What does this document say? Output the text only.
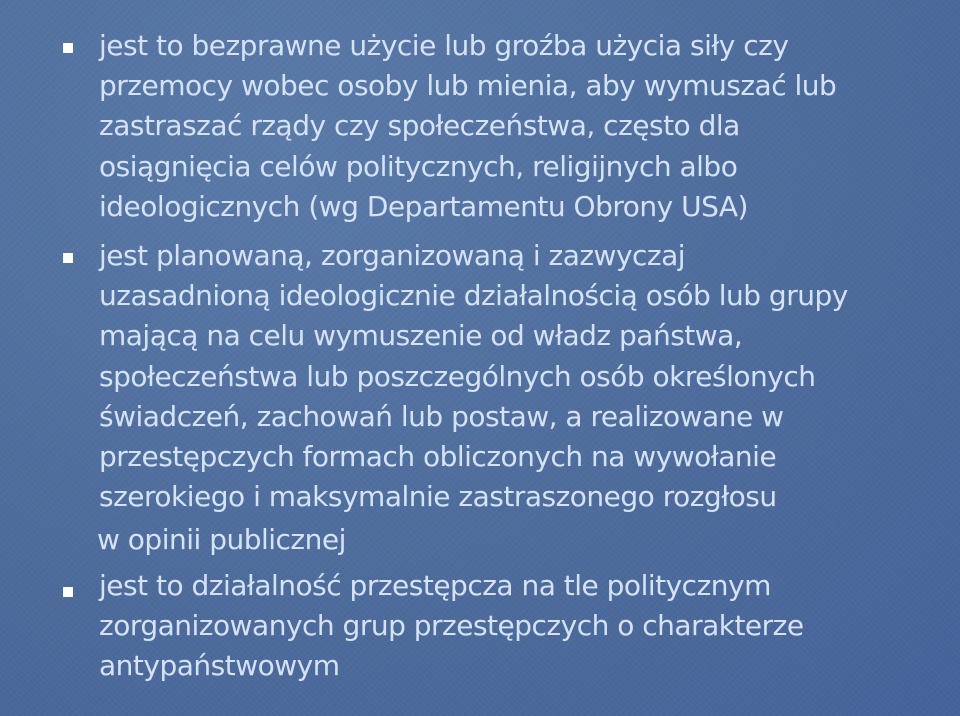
jest to bezprawne użycie lub groźba użycia siły czy
przemocy wobec osoby lub mienia, aby wymuszać lub
zastraszać rządy czy społeczeństwa, często dla
osiągnięcia celów politycznych, religijnych albo
ideologicznych (wg Departamentu Obrony USA)

jest planowaną, zorganizowaną i zazwyczaj
uzasadnioną ideologicznie działalnością osób lub grupy
mającą na celu wymuszenie od władz państwa,
społeczeństwa lub poszczególnych osób określonych
świadczeń, zachowań lub postaw, a realizowane w
przestępczych formach obliczonych na wywołanie
szerokiego i maksymalnie zastraszonego rozgłosu

w opinii publicznej

jest to działalność przestępcza na tle politycznym
zorganizowanych grup przestępczych o charakterze
antypaństwowym
